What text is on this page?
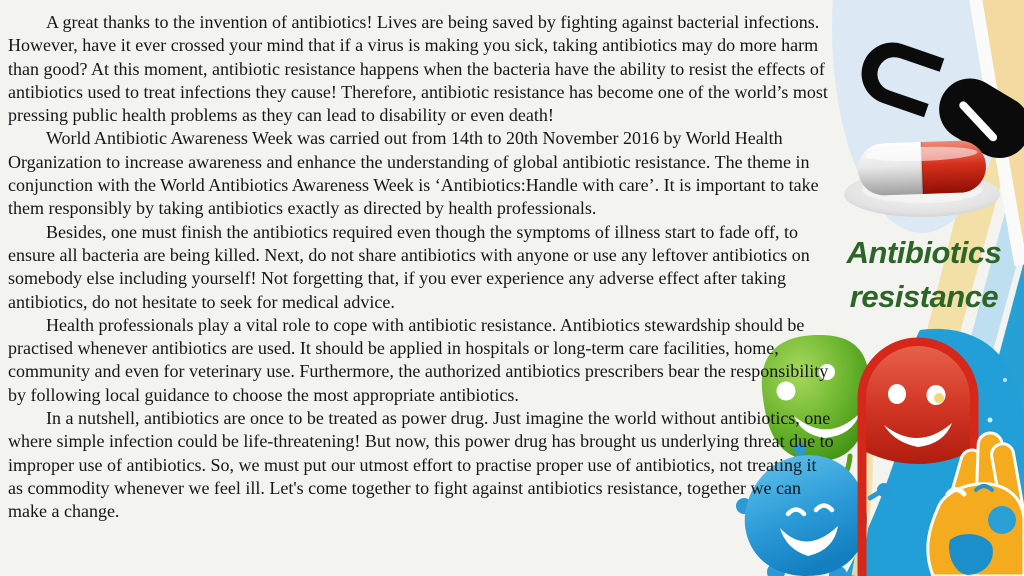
A great thanks to the invention of antibiotics! Lives are being saved by fighting against bacterial infections. However, have it ever crossed your mind that if a virus is making you sick, taking antibiotics may do more harm than good? At this moment, antibiotic resistance happens when the bacteria have the ability to resist the effects of antibiotics used to treat infections they cause! Therefore, antibiotic resistance has become one of the world’s most pressing public health problems as they can lead to disability or even death!

World Antibiotic Awareness Week was carried out from 14th to 20th November 2016 by World Health Organization to increase awareness and enhance the understanding of global antibiotic resistance. The theme in conjunction with the World Antibiotics Awareness Week is ‘Antibiotics:Handle with care’. It is important to take them responsibly by taking antibiotics exactly as directed by health professionals.

Besides, one must finish the antibiotics required even though the symptoms of illness start to fade off, to ensure all bacteria are being killed. Next, do not share antibiotics with anyone or use any leftover antibiotics on somebody else including yourself! Not forgetting that, if you ever experience any adverse effect after taking antibiotics, do not hesitate to seek for medical advice.

Health professionals play a vital role to cope with antibiotic resistance. Antibiotics stewardship should be practised whenever antibiotics are used. It should be applied in hospitals or long-term care facilities, home, community and even for veterinary use. Furthermore, the authorized antibiotics prescribers bear the responsibility by following local guidance to choose the most appropriate antibiotics.

In a nutshell, antibiotics are once to be treated as power drug. Just imagine the world without antibiotics, one where simple infection could be life-threatening! But now, this power drug has brought us underlying threat due to improper use of antibiotics. So, we must put our utmost effort to practise proper use of antibiotics, not treating it as commodity whenever we feel ill. Let's come together to fight against antibiotics resistance, together we can make a change.

Antibiotics
resistance
